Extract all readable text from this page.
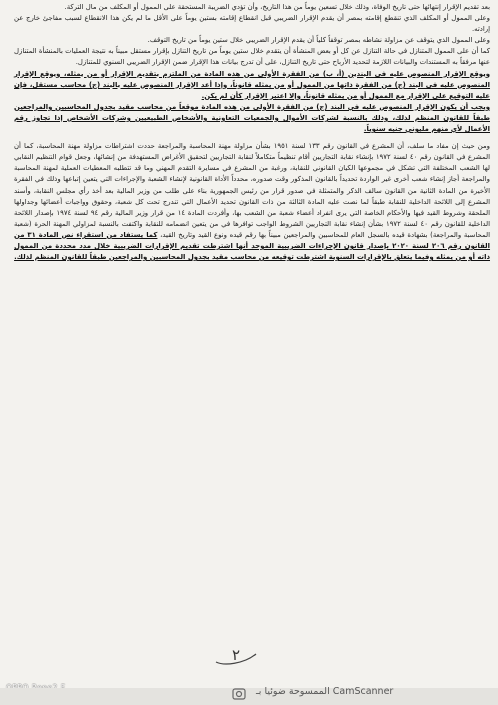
بعد تقديم الإقرار إنتهائها حتى تاريخ الوفاة، وذلك خلال تسعين يوماً من هذا التاريخ، وأن تؤدي الضريبة المستحقة على الممول أو المكلف من مال التركة.

وعلى الممول أو المكلف الذي تنقطع إقامته بمصر أن يقدم الإقرار الضريبي قبل انقطاع إقامته بستين يوماً على الأقل ما لم يكن هذا الانقطاع لسبب مفاجئ خارج عن إرادته.

وعلى الممول الذي يتوقف عن مزاولة نشاطه بمصر توقفاً كلياً أن يقدم الإقرار الضريبي خلال ستين يوماً من تاريخ التوقف.

كما أن على الممول المتنازل في حالة التنازل عن كل أو بعض المنشأة أن يتقدم خلال ستين يوماً من تاريخ التنازل بإقرار مستقل مبيناً به نتيجة العمليات بالمنشأة المتنازل عنها مرفقاً به المستندات والبيانات اللازمة لتحديد الأرباح حتى تاريخ التنازل، على أن تدرج بيانات هذا الإقرار ضمن الإقرار الضريبي السنوي للمتنازل.

ويوقع الإقرار المنصوص عليه في البندين (أ، ب) من الفقرة الأولى من هذه المادة من الملتزم بتقديم الإقرار أو من يمثله، ويوقع الإقرار المنصوص عليه في البند (ج) من الفقرة ذاتها من الممول أو من يمثله قانوناً، وإذا أعد الإقرار المنصوص عليه بالبند (ج) محاسب مستقل، فإن عليه التوقيع على الإقرار مع الممول أو من يمثله قانوناً، وإلا اعتبر الإقرار كأن لم يكن.

ويجب أن يكون الإقرار المنصوص عليه في البند (ج) من الفقرة الأولى من هذه المادة موقعاً من محاسب مقيد بجدول المحاسبين والمراجعين طبقاً للقانون المنظم لذلك، وذلك بالنسبة لشركات الأموال والجمعيات التعاونية والأشخاص الطبيعيين وشركات الأشخاص إذا تجاوز رقم الأعمال لأي منهم مليوني جنيه سنوياً.

ومن حيث إن مفاد ما سلف، أن المشرع في القانون رقم ١٣٣ لسنة ١٩٥١ بشأن مزاولة مهنة المحاسبة والمراجعة حددت اشتراطات مزاولة مهنة المحاسبة، كما أن المشرع في القانون رقم ٤٠ لسنة ١٩٧٢ بإنشاء نقابة التجاريين أقام تنظيماً متكاملاً لنقابة التجاريين لتحقيق الأغراض المستهدفة من إنشائها، وجعل قوام التنظيم النقابي لها الشعب المختلفة التي تشكل في مجموعها الكيان القانوني للنقابة، ورغبة من المشرع في مسايرة التقدم المهني وما قد تتطلبه المعطيات العملية لمهنة المحاسبة والمراجعة أجاز إنشاء شعب أخرى غير الواردة تحديداً بالقانون المذكور وقت صدوره، محدداً الأداة القانونية لإنشاء الشعبة والإجراءات التي يتعين إتباعها وذلك في الفقرة الأخيرة من المادة الثانية من القانون سالف الذكر والمتمثلة في صدور قرار من رئيس الجمهورية بناء على طلب من وزير المالية بعد أخذ رأي مجلس النقابة، وأسند المشرع إلى اللائحة الداخلية للنقابة طبقاً لما نصت عليه المادة الثالثة من ذات القانون تحديد الأعمال التي تندرج تحت كل شعبة، وحقوق وواجبات أعضائها وجداولها الملحقة وشروط القيد فيها والأحكام الخاصة التي يرى انفراد أعضاء شعبة من الشعب بها، وأفردت المادة ١٤ من قرار وزير المالية رقم ٩٤ لسنة ١٩٧٤ بإصدار اللائحة الداخلية للقانون رقم ٤٠ لسنة ١٩٧٢ بشأن إنشاء نقابة التجاريين الشروط الواجب توافرها في من يتعين انضمامه للنقابة واكتفت بالنسبة لمزاولي المهنة الحرة (شعبة المحاسبة والمراجعة) بشهادة قيده بالسجل العام للمحاسبين والمراجعين مبيناً بها رقم قيده ونوع القيد وتاريخ القيد، كما يستفاد من استقراء نص المادة ٣١ من القانون رقم ٢٠٦ لسنة ٢٠٢٠ بإصدار قانون الإجراءات الضريبية الموحد أنها اشترطت تقديم الإقرارات الضريبية خلال مدد محددة من الممول ذاته أو من يمثله وفيما يتعلق بالإقرارات السنوية اشترطت توقيعه من محاسب مقيد بجدول المحاسبين والمراجعين طبقاً للقانون المنظم لذلك.

٢
الممسوحة ضوئيا بـ CamScanner
